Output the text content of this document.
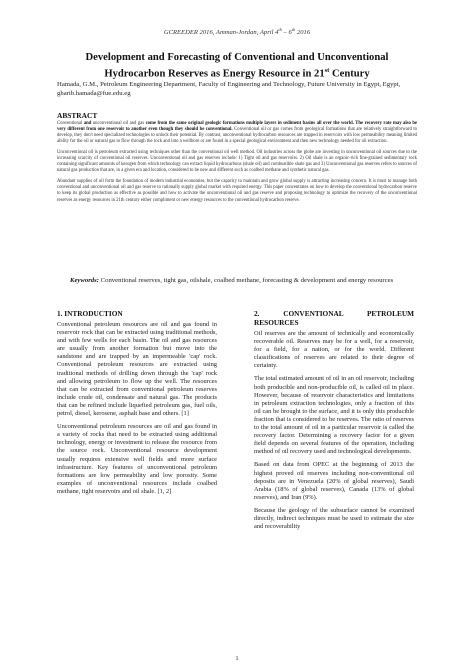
GCREEDER 2016, Amman-Jordan, April 4th – 6th 2016
Development and Forecasting of Conventional and Unconventional Hydrocarbon Reserves as Energy Resource in 21st Century

Hamada, G.M., Petroleum Engineering Department, Faculty of Engineering and Technology, Future University in Egypt, Egypt, gharib.hamada@fue.edu.eg

ABSTRACT

Conventional and unconventional oil and gas come from the same original geologic formations multiple layers in sediment basins all over the world. The recovery rate may also be very different from one reservoir to another even though they should be conventional. Conventional oil or gas comes from geological formations that are relatively straightforward to develop, they don't need specialized technologies to unlock their potential. By contrast, unconventional hydrocarbon resources are trapped in reservoirs with low permeability meaning limited ability for the oil or natural gas to flow through the rock and into a wellbore or are found in a special geological environment and then new technology needed for oil extraction.

Unconventional oil is petroleum extracted using techniques other than the conventional oil well method. Oil industries across the globe are investing in unconventional oil sources due to the increasing scarcity of conventional oil reserves. Unconventional oil and gas reserves include: 1) Tight oil and gas reservoirs. 2) Oil shale is an organic-rich fine-grained sedimentary rock containing significant amounts of kerogen from which technology can extract liquid hydrocarbons (shale oil) and combustible shale gas and 3) Unconventional gas reserves refers to sources of natural gas production that are, in a given era and location, considered to be new and different such as coalbed methane and synthetic natural gas.

Abundant supplies of oil form the foundation of modern industrial economies, but the capacity to maintain and grow global supply is attracting increasing concern. It is must to manage both conventional and unconventional oil and gas reserve to rationally supply global market with required energy. This paper concentrates on how to develop the conventional hydrocarbon reserve to keep its global production as effective as possible and how to activate the unconventional oil and gas reserve and proposing technology to optimize the recovery of the unconventional reserves as energy resources in 21th century either compliment or new energy resources to the conventional hydrocarbon reserve.

Keywords: Conventional reserves, tight gas, oilshale, coalbed methane, forecasting & development and energy resources

1. INTRODUCTION

Conventional petroleum resources are oil and gas found in reservoir rock that can be extracted using traditional methods, and with few wells for each basin. The oil and gas resources are usually from another formation but move into the sandstone and are trapped by an impermeable 'cap' rock. Conventional petroleum resources are extracted using traditional methods of drilling down through the 'cap' rock and allowing petroleum to flow up the well. The resources that can be extracted from conventional petroleum reserves include crude oil, condensate and natural gas. The products that can be refined include liquefied petroleum gas, fuel oils, petrol, diesel, kerosene, asphalt base and others. [1]

Unconventional petroleum resources are oil and gas found in a variety of rocks that need to be extracted using additional technology, energy or investment to release the resource from the source rock. Unconventional resource development usually requires extensive well fields and more surface infrastructure. Key features of unconventional petroleum formations are low permeability and low porosity. Some examples of unconventional resources include coalbed methane, tight reservoirs and oil shale. [1, 2]

2. CONVENTIONAL PETROLEUM RESOURCES

Oil reserves are the amount of technically and economically recoverable oil. Reserves may be for a well, for a reservoir, for a field, for a nation, or for the world. Different classifications of reserves are related to their degree of certainty.

The total estimated amount of oil in an oil reservoir, including both producible and non-producible oil, is called oil in place. However, because of reservoir characteristics and limitations in petroleum extraction technologies, only a fraction of this oil can be brought to the surface, and it is only this producible fraction that is considered to be reserves. The ratio of reserves to the total amount of oil in a particular reservoir is called the recovery factor. Determining a recovery factor for a given field depends on several features of the operation, including method of oil recovery used and technological developments.

Based on data from OPEC at the beginning of 2013 the highest proved oil reserves including non-conventional oil deposits are in Venezuela (20% of global reserves), Saudi Arabia (18% of global reserves), Canada (13% of global reserves), and Iran (9%).

Because the geology of the subsurface cannot be examined directly, indirect techniques must be used to estimate the size and recoverability

1
